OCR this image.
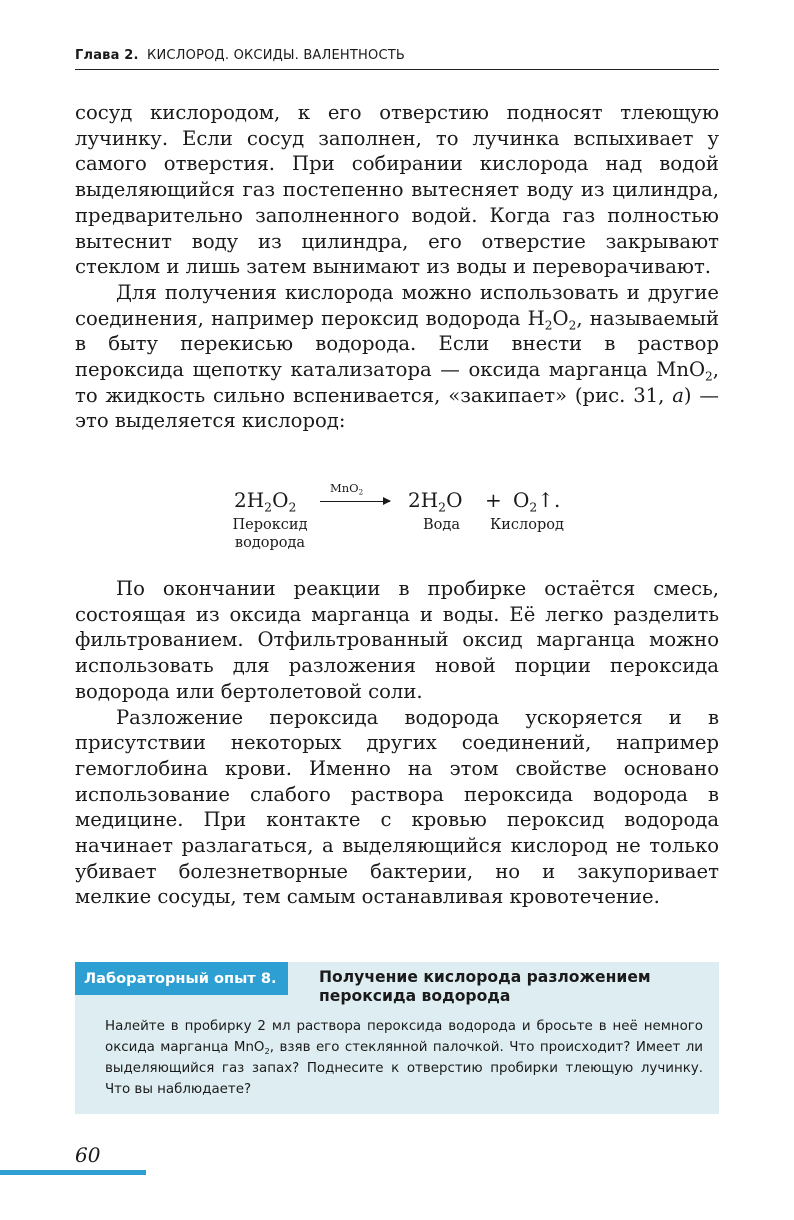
Глава 2. КИСЛОРОД. ОКСИДЫ. ВАЛЕНТНОСТЬ

сосуд кислородом, к его отверстию подносят тлеющую лучинку. Если сосуд заполнен, то лучинка вспыхивает у самого отверстия. При собирании кислорода над водой выделяющийся газ постепенно вытесняет воду из цилиндра, предварительно заполненного водой. Когда газ полностью вытеснит воду из цилиндра, его отверстие закрывают стеклом и лишь затем вынимают из воды и переворачивают.

Для получения кислорода можно использовать и другие соединения, например пероксид водорода $H_2O_2$, называемый в быту перекисью водорода. Если внести в раствор пероксида щепотку катализатора — оксида марганца MnO$_2$, то жидкость сильно вспенивается, «закипает» (рис. 31, а) — это выделяется кислород:

$2H_2O_2$
MnO$_2$ $2H_2O$ + $O_2↑$.
Пероксид водорода
Вода Кислород

По окончании реакции в пробирке остаётся смесь, состоящая из оксида марганца и воды. Её легко разделить фильтрованием. Отфильтрованный оксид марганца можно использовать для разложения новой порции пероксида водорода или бертолетовой соли.

Разложение пероксида водорода ускоряется и в присутствии некоторых других соединений, например гемоглобина крови. Именно на этом свойстве основано использование слабого раствора пероксида водорода в медицине. При контакте с кровью пероксид водорода начинает разлагаться, а выделяющийся кислород не только убивает болезнетворные бактерии, но и закупоривает мелкие сосуды, тем самым останавливая кровотечение.

Лабораторный опыт 8.	Получение кислорода разложением пероксида водорода
Налейте в пробирку 2 мл раствора пероксида водорода и бросьте в неё немного оксида марганца MnO$_2$, взяв его стеклянной палочкой. Что происходит? Имеет ли выделяющийся газ запах? Поднесите к отверстию пробирки тлеющую лучинку. Что вы наблюдаете?
60
